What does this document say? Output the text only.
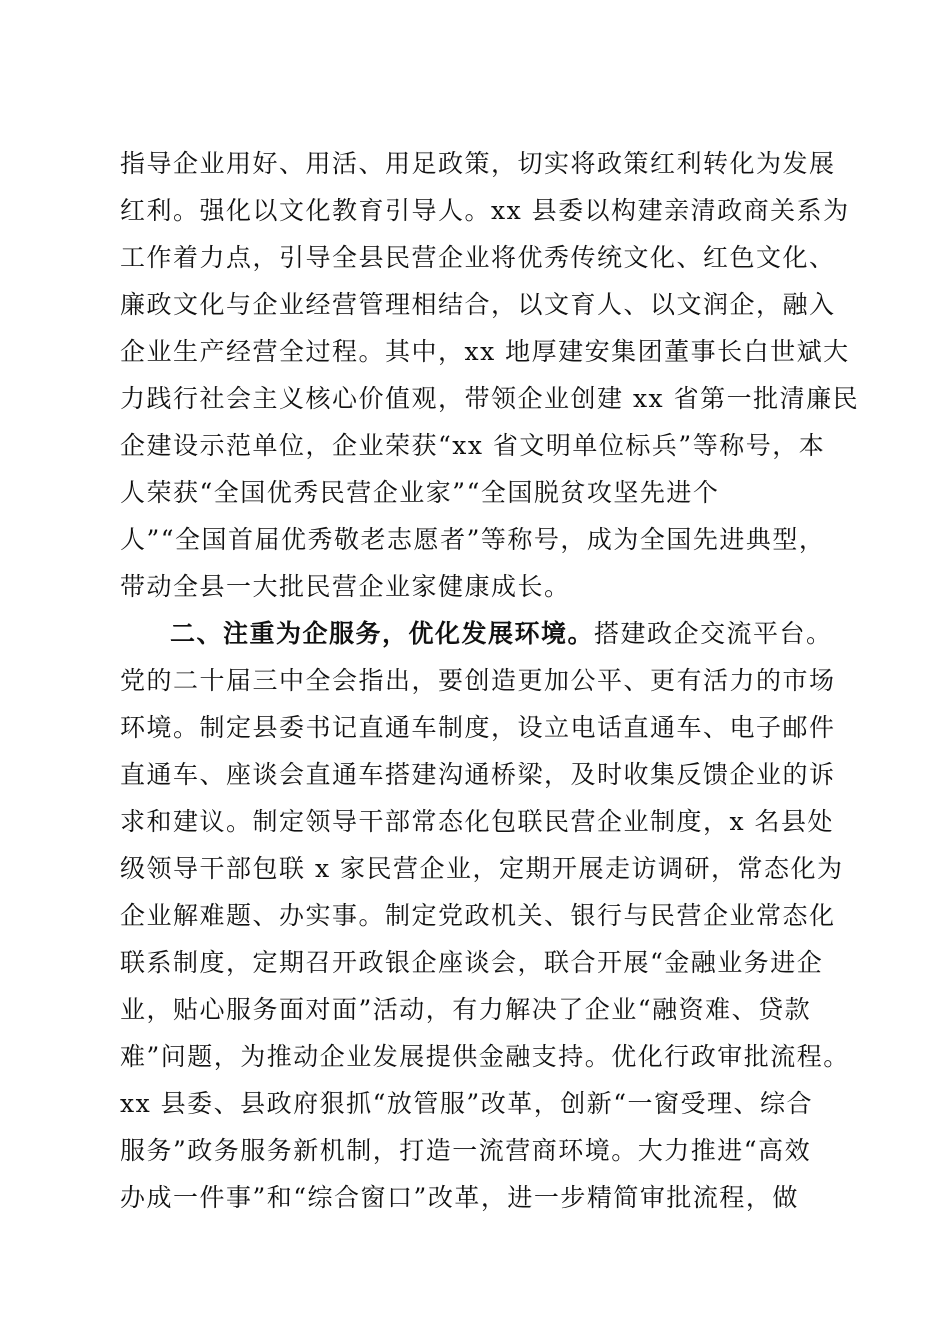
指导企业用好、用活、用足政策，切实将政策红利转化为发展
红利。强化以文化教育引导人。xx 县委以构建亲清政商关系为
工作着力点，引导全县民营企业将优秀传统文化、红色文化、
廉政文化与企业经营管理相结合，以文育人、以文润企，融入
企业生产经营全过程。其中，xx 地厚建安集团董事长白世斌大
力践行社会主义核心价值观，带领企业创建 xx 省第一批清廉民
企建设示范单位，企业荣获“xx 省文明单位标兵”等称号，本
人荣获“全国优秀民营企业家”“全国脱贫攻坚先进个
人”“全国首届优秀敬老志愿者”等称号，成为全国先进典型，
带动全县一大批民营企业家健康成长。
二、注重为企服务，优化发展环境。搭建政企交流平台。
党的二十届三中全会指出，要创造更加公平、更有活力的市场
环境。制定县委书记直通车制度，设立电话直通车、电子邮件
直通车、座谈会直通车搭建沟通桥梁，及时收集反馈企业的诉
求和建议。制定领导干部常态化包联民营企业制度，x 名县处
级领导干部包联 x 家民营企业，定期开展走访调研，常态化为
企业解难题、办实事。制定党政机关、银行与民营企业常态化
联系制度，定期召开政银企座谈会，联合开展“金融业务进企
业，贴心服务面对面”活动，有力解决了企业“融资难、贷款
难”问题，为推动企业发展提供金融支持。优化行政审批流程。
xx 县委、县政府狠抓“放管服”改革，创新“一窗受理、综合
服务”政务服务新机制，打造一流营商环境。大力推进“高效
办成一件事”和“综合窗口”改革，进一步精简审批流程，做
